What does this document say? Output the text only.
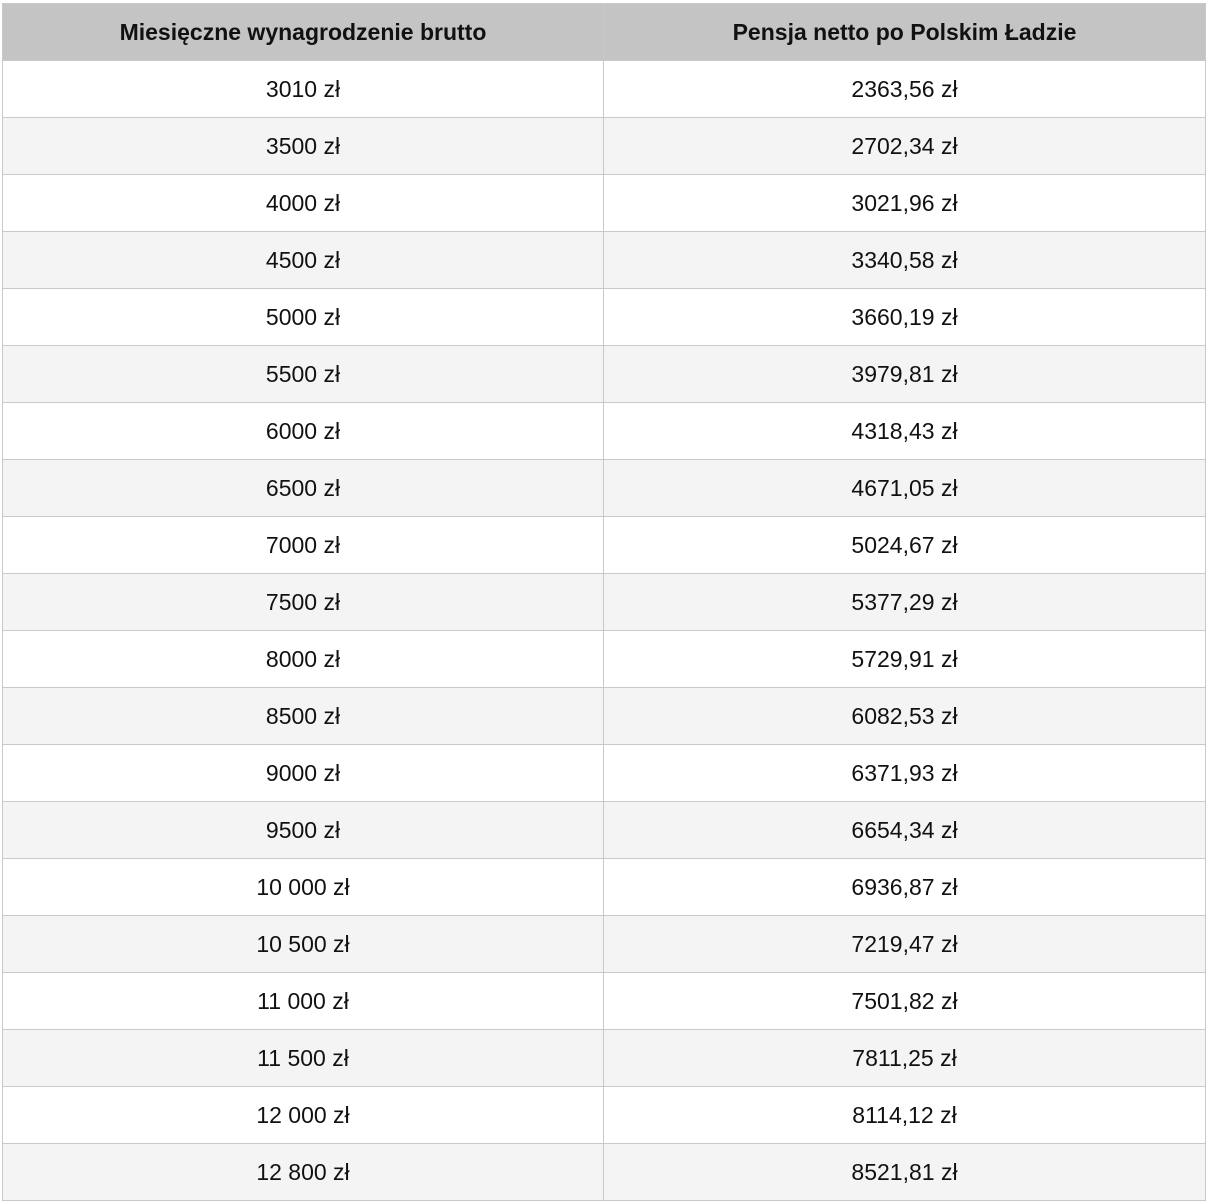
Miesięczne wynagrodzenie brutto	Pensja netto po Polskim Ładzie
3010 zł	2363,56 zł
3500 zł	2702,34 zł
4000 zł	3021,96 zł
4500 zł	3340,58 zł
5000 zł	3660,19 zł
5500 zł	3979,81 zł
6000 zł	4318,43 zł
6500 zł	4671,05 zł
7000 zł	5024,67 zł
7500 zł	5377,29 zł
8000 zł	5729,91 zł
8500 zł	6082,53 zł
9000 zł	6371,93 zł
9500 zł	6654,34 zł
10 000 zł	6936,87 zł
10 500 zł	7219,47 zł
11 000 zł	7501,82 zł
11 500 zł	7811,25 zł
12 000 zł	8114,12 zł
12 800 zł	8521,81 zł
